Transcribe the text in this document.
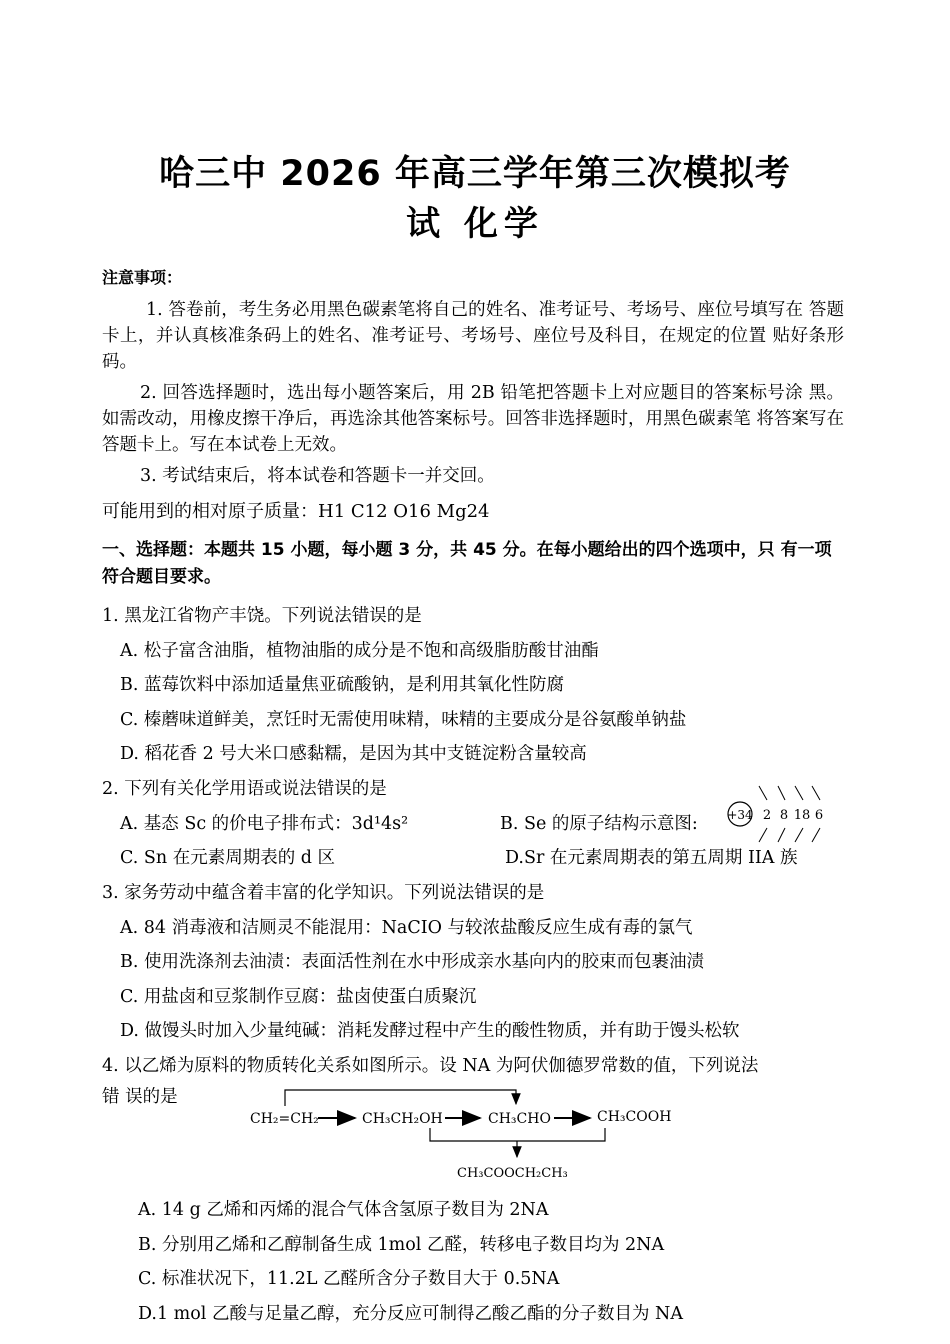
哈三中 2026 年高三学年第三次模拟考
试 化学
注意事项：
1. 答卷前，考生务必用黑色碳素笔将自己的姓名、准考证号、考场号、座位号填写在 答题卡上，并认真核准条码上的姓名、准考证号、考场号、座位号及科目，在规定的位置 贴好条形码。
2. 回答选择题时，选出每小题答案后，用 2B 铅笔把答题卡上对应题目的答案标号涂 黑。如需改动，用橡皮擦干净后，再选涂其他答案标号。回答非选择题时，用黑色碳素笔 将答案写在答题卡上。写在本试卷上无效。
3. 考试结束后，将本试卷和答题卡一并交回。
可能用到的相对原子质量：H1 C12 O16 Mg24
一、选择题：本题共 15 小题，每小题 3 分，共 45 分。在每小题给出的四个选项中，只 有一项符合题目要求。
1. 黑龙江省物产丰饶。下列说法错误的是
A. 松子富含油脂，植物油脂的成分是不饱和高级脂肪酸甘油酯
B. 蓝莓饮料中添加适量焦亚硫酸钠，是利用其氧化性防腐
C. 榛蘑味道鲜美，烹饪时无需使用味精，味精的主要成分是谷氨酸单钠盐
D. 稻花香 2 号大米口感黏糯，是因为其中支链淀粉含量较高
2. 下列有关化学用语或说法错误的是
A. 基态 Sc 的价电子排布式：3d¹4s²	B. Se 的原子结构示意图: +34 2 8 18 6
C. Sn 在元素周期表的 d 区	D.Sr 在元素周期表的第五周期 IIA 族
3. 家务劳动中蕴含着丰富的化学知识。下列说法错误的是
A. 84 消毒液和洁厕灵不能混用：NaCIO 与较浓盐酸反应生成有毒的氯气
B. 使用洗涤剂去油渍：表面活性剂在水中形成亲水基向内的胶束而包裹油渍
C. 用盐卤和豆浆制作豆腐：盐卤使蛋白质聚沉
D. 做馒头时加入少量纯碱：消耗发酵过程中产生的酸性物质，并有助于馒头松软
4. 以乙烯为原料的物质转化关系如图所示。设 NA 为阿伏伽德罗常数的值，下列说法
错 误的是
CH₂=CH₂	CH₃CH₂OH	CH₃CHO	CH₃COOH
CH₃COOCH₂CH₃
A. 14 g 乙烯和丙烯的混合气体含氢原子数目为 2NA
B. 分别用乙烯和乙醇制备生成 1mol 乙醛，转移电子数目均为 2NA
C. 标准状况下，11.2L 乙醛所含分子数目大于 0.5NA
D.1 mol 乙酸与足量乙醇，充分反应可制得乙酸乙酯的分子数目为 NA
